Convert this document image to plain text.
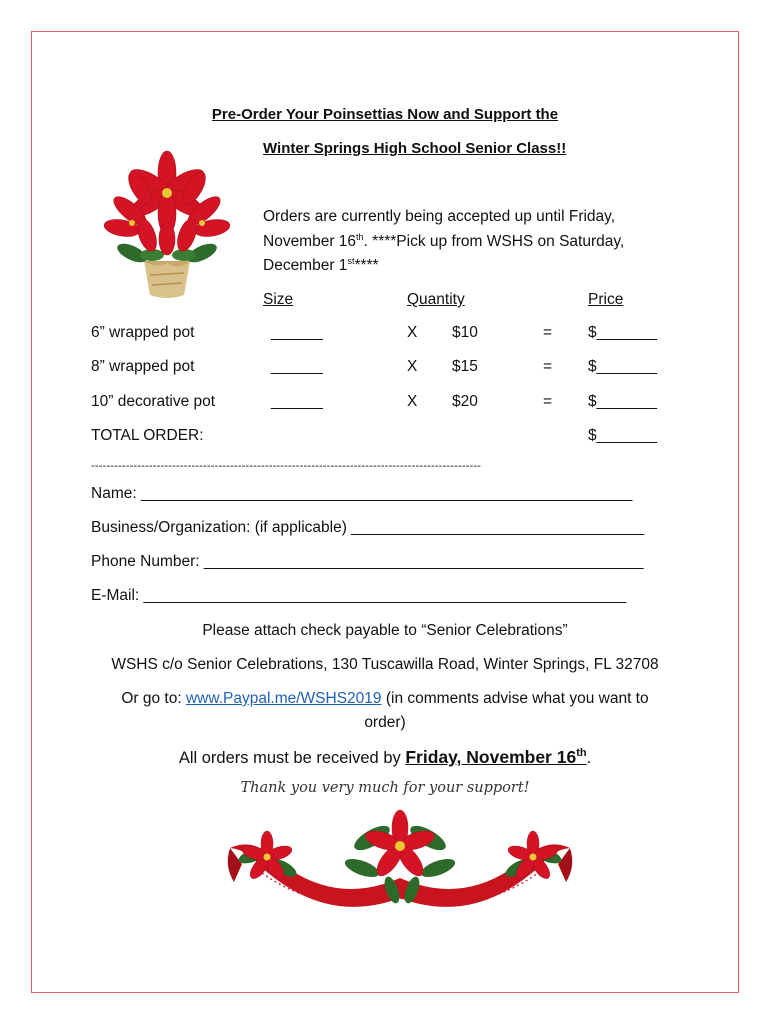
Pre-Order Your Poinsettias Now and Support the
Winter Springs High School Senior Class!!
Orders are currently being accepted up until Friday,
November 16th. ****Pick up from WSHS on Saturday,
December 1st****
Size	Quantity	Price
6” wrapped pot	______	X $10	= $_______
8” wrapped pot	______	X $15	= $_______
10” decorative pot	______	X $20	= $_______
TOTAL ORDER:	$_______
-----------------------------------------------------------------------------------------------------
Name: _________________________________________________________
Business/Organization: (if applicable) __________________________________
Phone Number: ___________________________________________________
E-Mail: ________________________________________________________
Please attach check payable to “Senior Celebrations”
WSHS c/o Senior Celebrations, 130 Tuscawilla Road, Winter Springs, FL 32708
Or go to: www.Paypal.me/WSHS2019 (in comments advise what you want to
order)
All orders must be received by Friday, November 16th.
Thank you very much for your support!
